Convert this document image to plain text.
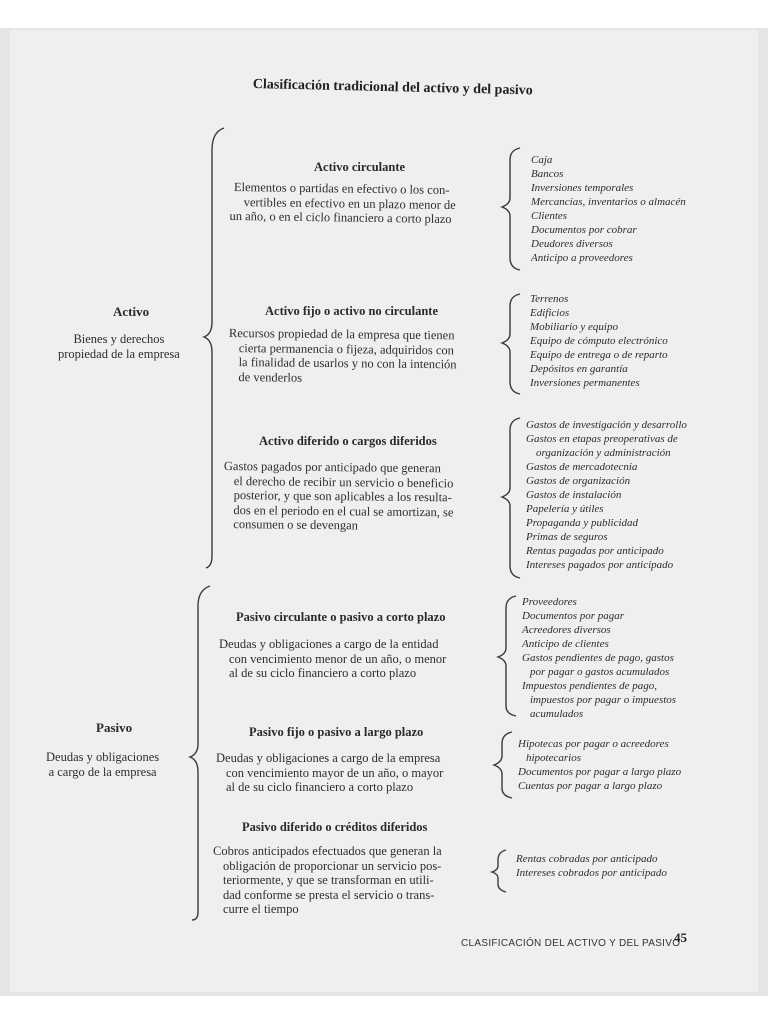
Clasificación tradicional del activo y del pasivo
Activo
Bienes y derechos
propiedad de la empresa
Activo circulante
Elementos o partidas en efectivo o los con-
vertibles en efectivo en un plazo menor de
un año, o en el ciclo financiero a corto plazo
Caja
Bancos
Inversiones temporales
Mercancías, inventarios o almacén
Clientes
Documentos por cobrar
Deudores diversos
Anticipo a proveedores
Activo fijo o activo no circulante
Recursos propiedad de la empresa que tienen
cierta permanencia o fijeza, adquiridos con
la finalidad de usarlos y no con la intención
de venderlos
Terrenos
Edificios
Mobiliario y equipo
Equipo de cómputo electrónico
Equipo de entrega o de reparto
Depósitos en garantía
Inversiones permanentes
Activo diferido o cargos diferidos
Gastos pagados por anticipado que generan
el derecho de recibir un servicio o beneficio
posterior, y que son aplicables a los resulta-
dos en el periodo en el cual se amortizan, se
consumen o se devengan
Gastos de investigación y desarrollo
Gastos en etapas preoperativas de
organización y administración
Gastos de mercadotecnia
Gastos de organización
Gastos de instalación
Papelería y útiles
Propaganda y publicidad
Primas de seguros
Rentas pagadas por anticipado
Intereses pagados por anticipado
Pasivo
Deudas y obligaciones
a cargo de la empresa
Pasivo circulante o pasivo a corto plazo
Deudas y obligaciones a cargo de la entidad
con vencimiento menor de un año, o menor
al de su ciclo financiero a corto plazo
Proveedores
Documentos por pagar
Acreedores diversos
Anticipo de clientes
Gastos pendientes de pago, gastos
por pagar o gastos acumulados
Impuestos pendientes de pago,
impuestos por pagar o impuestos
acumulados
Pasivo fijo o pasivo a largo plazo
Deudas y obligaciones a cargo de la empresa
con vencimiento mayor de un año, o mayor
al de su ciclo financiero a corto plazo
Hipotecas por pagar o acreedores
hipotecarios
Documentos por pagar a largo plazo
Cuentas por pagar a largo plazo
Pasivo diferido o créditos diferidos
Cobros anticipados efectuados que generan la
obligación de proporcionar un servicio pos-
teriormente, y que se transforman en utili-
dad conforme se presta el servicio o trans-
curre el tiempo
Rentas cobradas por anticipado
Intereses cobrados por anticipado
CLASIFICACIÓN DEL ACTIVO Y DEL PASIVO
45
